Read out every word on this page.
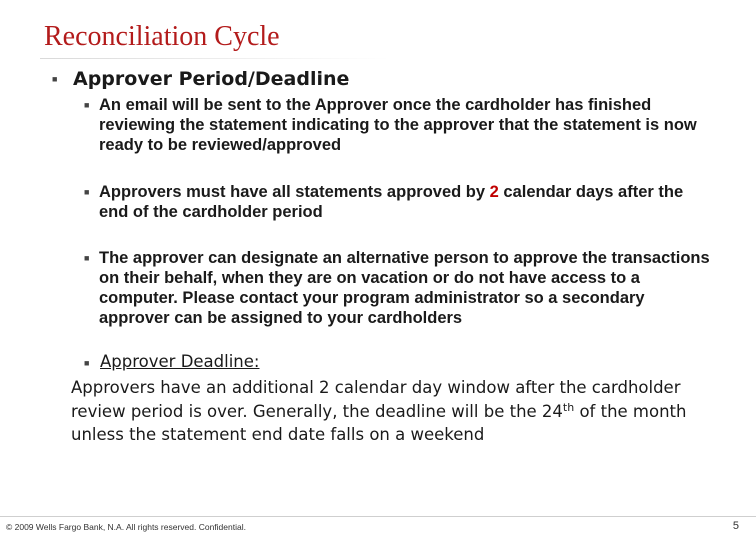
Reconciliation Cycle
■ Approver Period/Deadline
■ An email will be sent to the Approver once the cardholder has finished reviewing the statement indicating to the approver that the statement is now ready to be reviewed/approved

■ Approvers must have all statements approved by 2 calendar days after the end of the cardholder period

■ The approver can designate an alternative person to approve the transactions on their behalf, when they are on vacation or do not have access to a computer. Please contact your program administrator so a secondary approver can be assigned to your cardholders

■ Approver Deadline:

Approvers have an additional 2 calendar day window after the cardholder review period is over. Generally, the deadline will be the 24th of the month unless the statement end date falls on a weekend

© 2009 Wells Fargo Bank, N.A. All rights reserved. Confidential.	5
